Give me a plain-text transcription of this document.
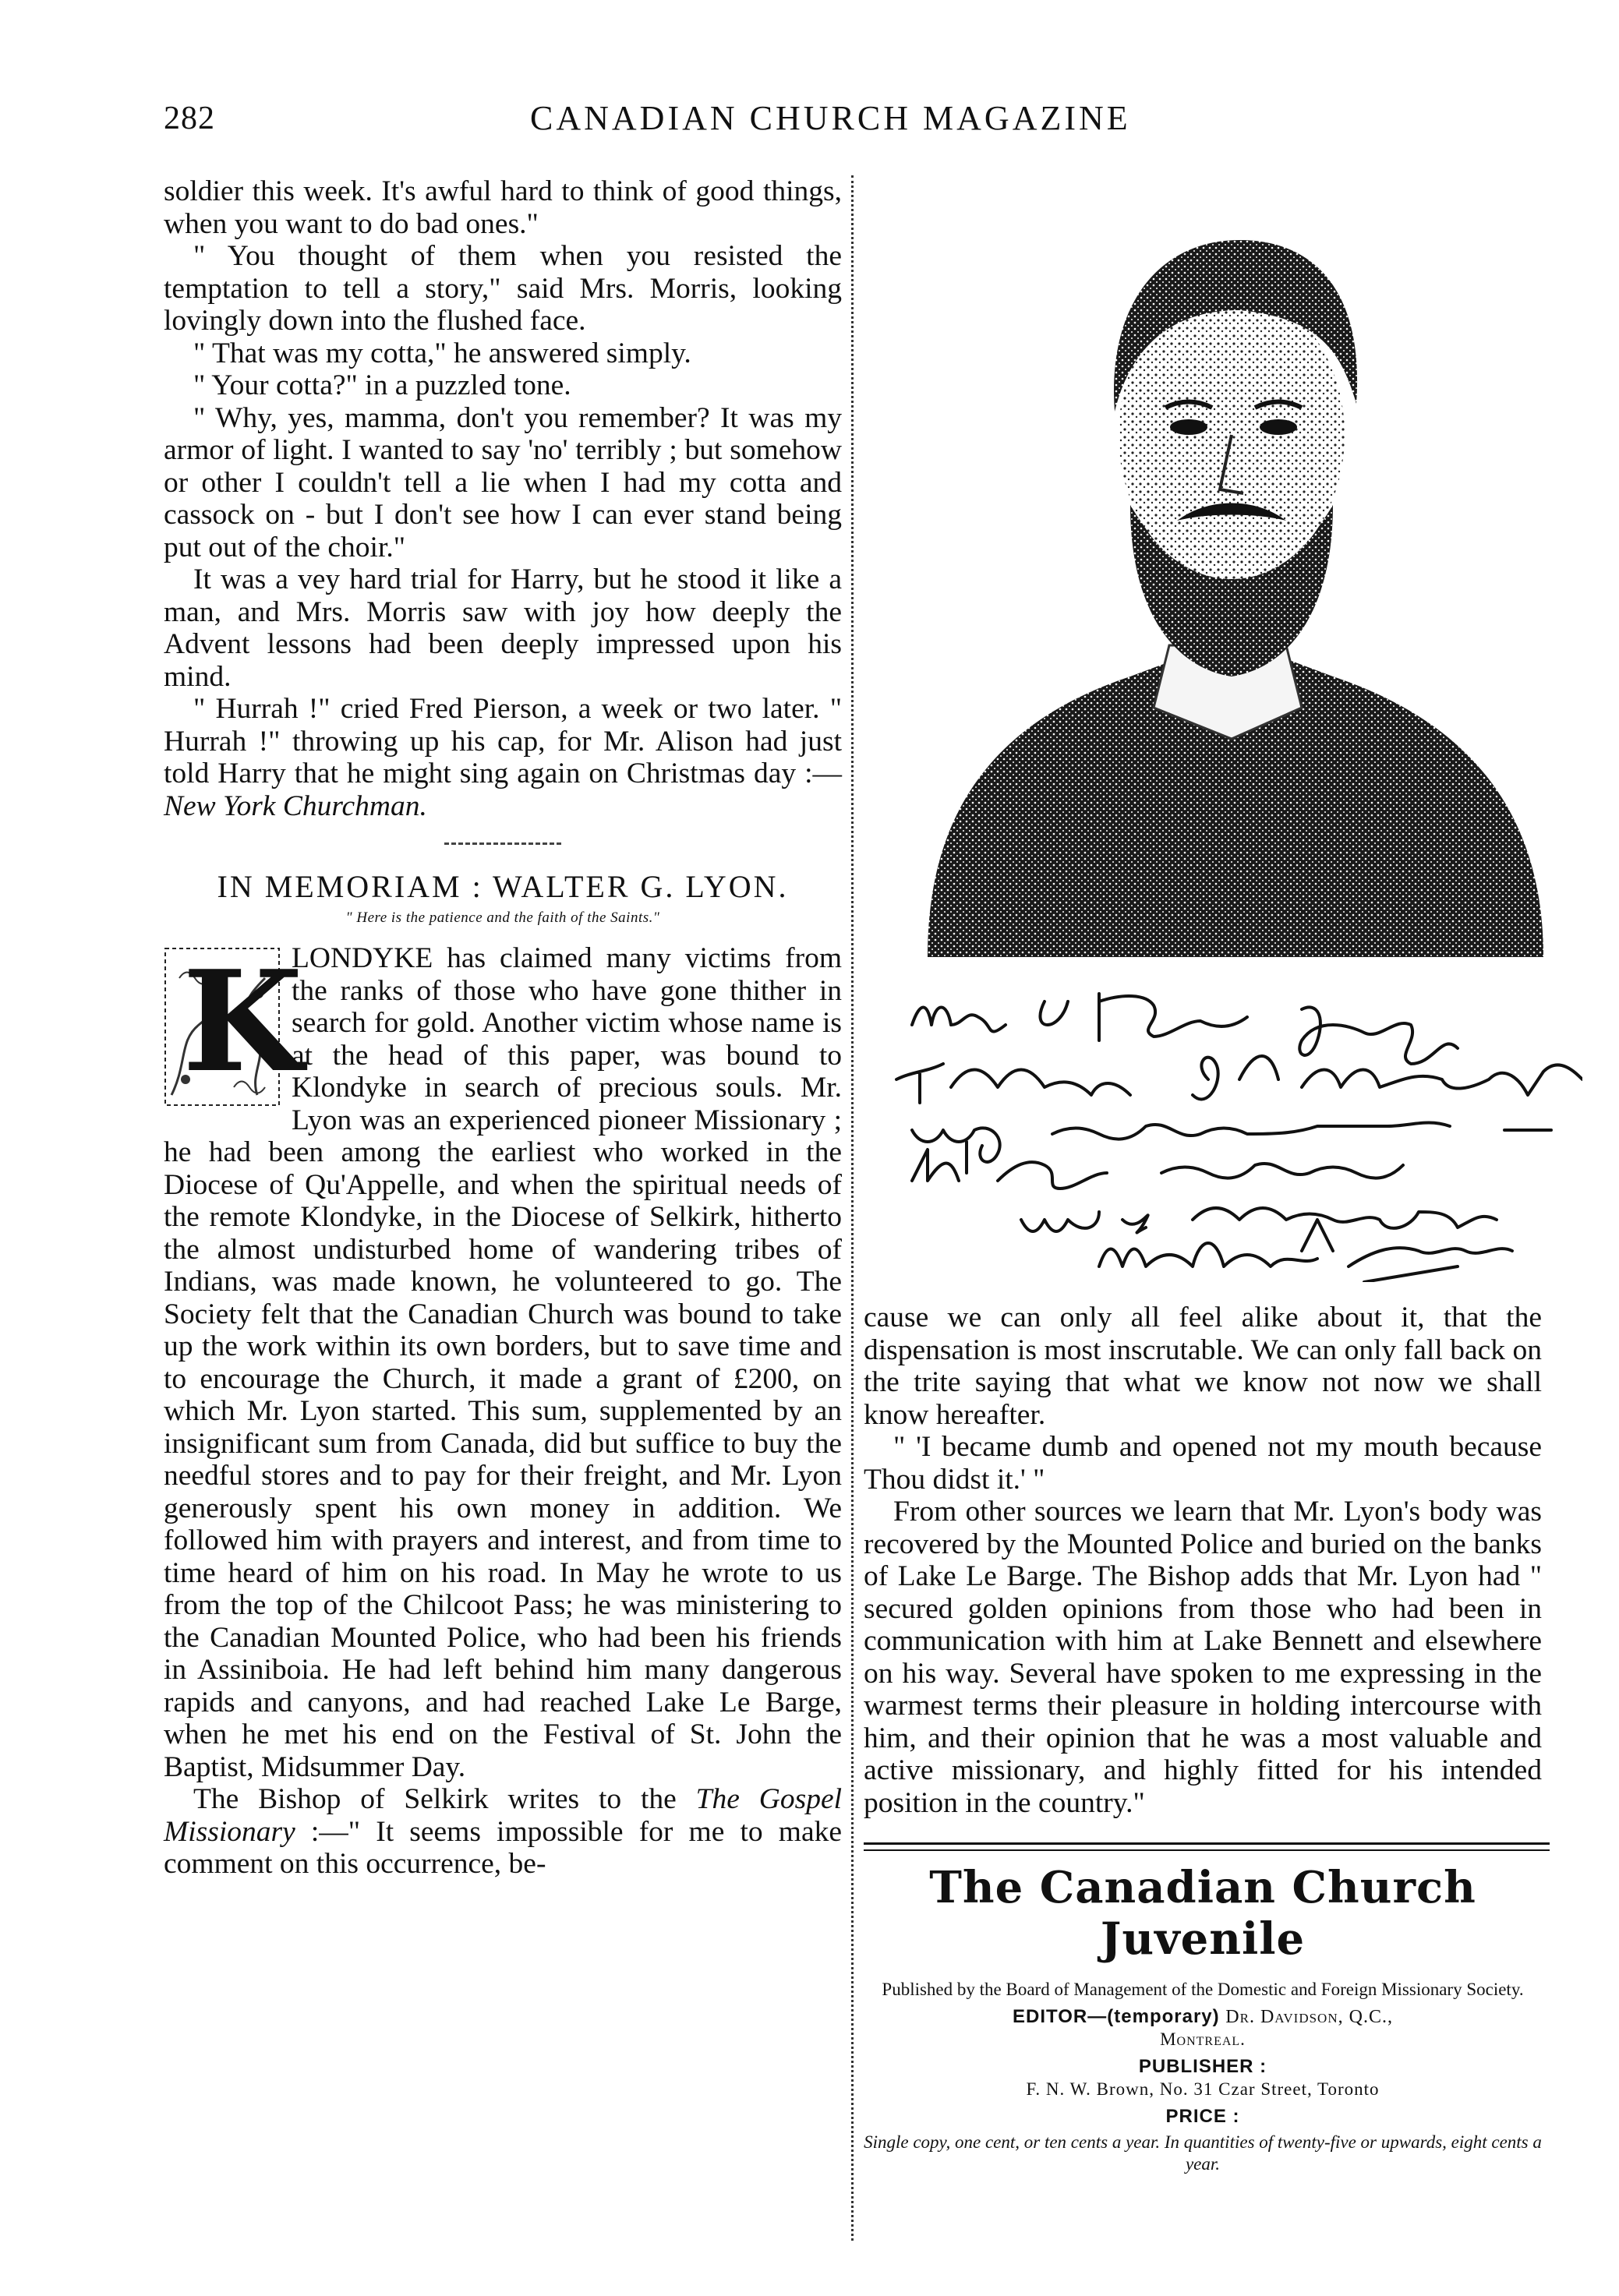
282	CANADIAN CHURCH MAGAZINE

soldier this week. It's awful hard to think of good things, when you want to do bad ones."

" You thought of them when you resisted the temptation to tell a story," said Mrs. Morris, looking lovingly down into the flushed face.

" That was my cotta," he answered simply.

" Your cotta?" in a puzzled tone.

" Why, yes, mamma, don't you remember? It was my armor of light. I wanted to say 'no' terribly ; but somehow or other I couldn't tell a lie when I had my cotta and cassock on - but I don't see how I can ever stand being put out of the choir."

It was a vey hard trial for Harry, but he stood it like a man, and Mrs. Morris saw with joy how deeply the Advent lessons had been deeply impressed upon his mind.

" Hurrah !" cried Fred Pierson, a week or two later. " Hurrah !" throwing up his cap, for Mr. Alison had just told Harry that he might sing again on Christmas day :—New York Churchman.

IN MEMORIAM : WALTER G. LYON.
" Here is the patience and the faith of the Saints."

K
LONDYKE has claimed many victims from the ranks of those who have gone thither in search for gold. Another victim whose name is at the head of this paper, was bound to Klondyke in search of precious souls. Mr. Lyon was an experienced pioneer Missionary ; he had been among the earliest who worked in the Diocese of Qu'Appelle, and when the spiritual needs of the remote Klondyke, in the Diocese of Selkirk, hitherto the almost undisturbed home of wandering tribes of Indians, was made known, he volunteered to go. The Society felt that the Canadian Church was bound to take up the work within its own borders, but to save time and to encourage the Church, it made a grant of £200, on which Mr. Lyon started. This sum, supplemented by an insignificant sum from Canada, did but suffice to buy the needful stores and to pay for their freight, and Mr. Lyon generously spent his own money in addition. We followed him with prayers and interest, and from time to time heard of him on his road. In May he wrote to us from the top of the Chilcoot Pass; he was ministering to the Canadian Mounted Police, who had been his friends in Assiniboia. He had left behind him many dangerous rapids and canyons, and had reached Lake Le Barge, when he met his end on the Festival of St. John the Baptist, Midsummer Day.

The Bishop of Selkirk writes to the The Gospel Missionary :—" It seems impossible for me to make comment on this occurrence, be-

cause we can only all feel alike about it, that the dispensation is most inscrutable. We can only fall back on the trite saying that what we know not now we shall know hereafter.

" 'I became dumb and opened not my mouth because Thou didst it.' "

From other sources we learn that Mr. Lyon's body was recovered by the Mounted Police and buried on the banks of Lake Le Barge. The Bishop adds that Mr. Lyon had " secured golden opinions from those who had been in communication with him at Lake Bennett and elsewhere on his way. Several have spoken to me expressing in the warmest terms their pleasure in holding intercourse with him, and their opinion that he was a most valuable and active missionary, and highly fitted for his intended position in the country."

The Canadian Church Juvenile

Published by the Board of Management of the Domestic and Foreign Missionary Society.

EDITOR—(temporary) Dr. Davidson, Q.C.,

Montreal.

PUBLISHER :

F. N. W. Brown, No. 31 Czar Street, Toronto

PRICE :

Single copy, one cent, or ten cents a year. In quantities of twenty-five or upwards, eight cents a year.
